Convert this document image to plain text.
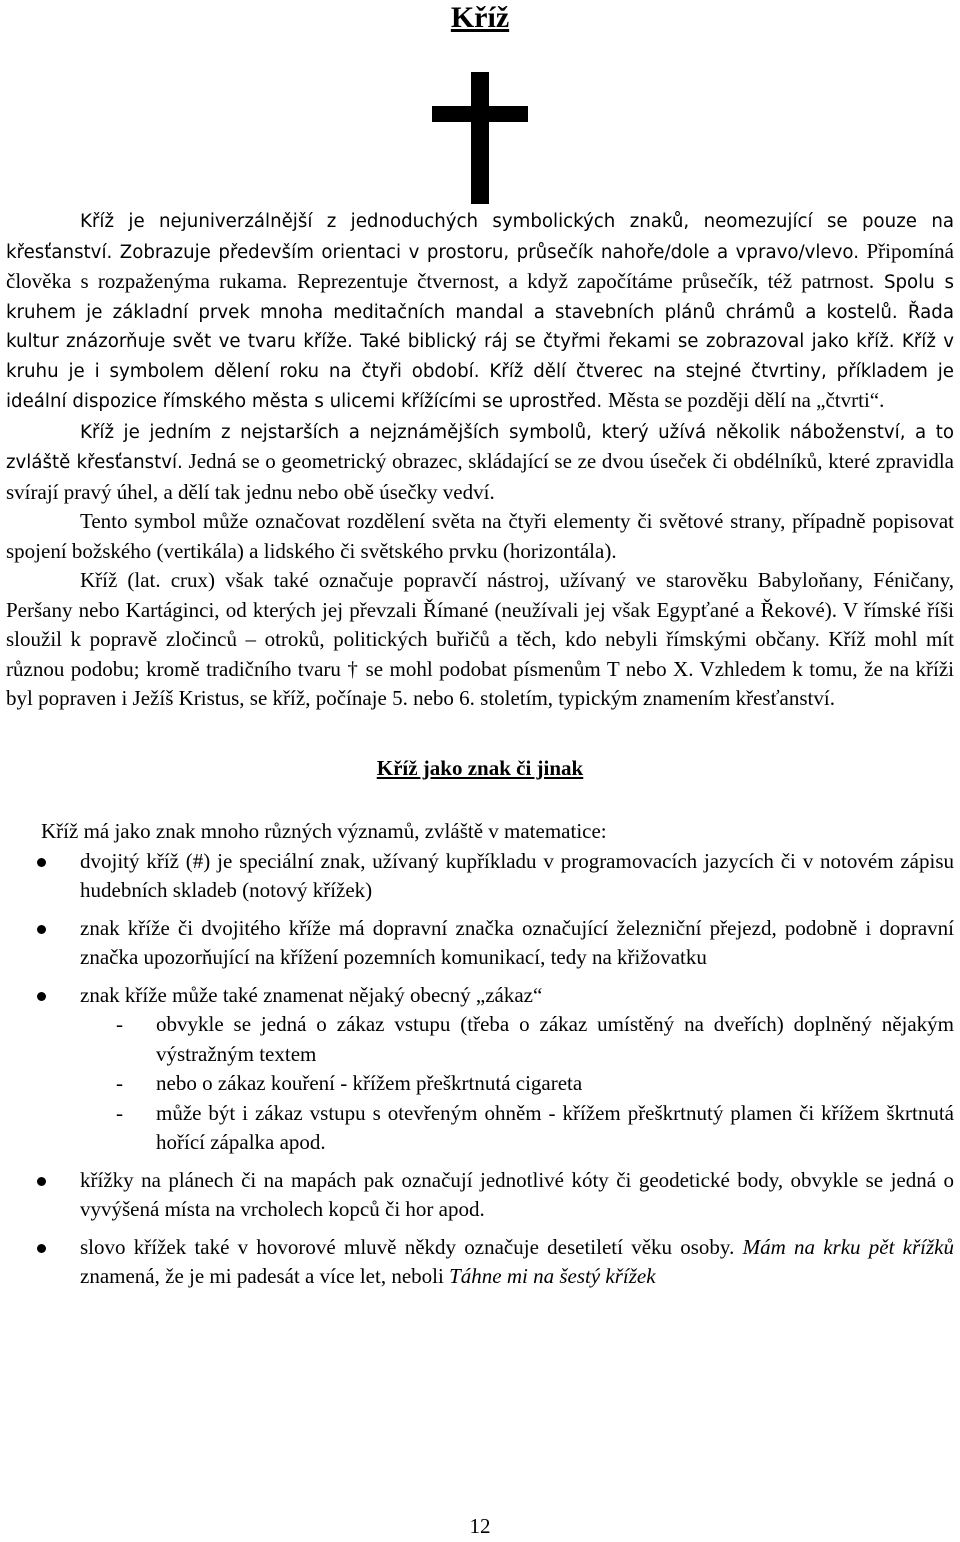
Kříž

Kříž je nejuniverzálnější z jednoduchých symbolických znaků, neomezující se pouze na křesťanství. Zobrazuje především orientaci v prostoru, průsečík nahoře/dole a vpravo/vlevo. Připomíná člověka s rozpaženýma rukama. Reprezentuje čtvernost, a když započítáme průsečík, též patrnost. Spolu s kruhem je základní prvek mnoha meditačních mandal a stavebních plánů chrámů a kostelů. Řada kultur znázorňuje svět ve tvaru kříže. Také biblický ráj se čtyřmi řekami se zobrazoval jako kříž. Kříž v kruhu je i symbolem dělení roku na čtyři období. Kříž dělí čtverec na stejné čtvrtiny, příkladem je ideální dispozice římského města s ulicemi křížícími se uprostřed. Města se později dělí na „čtvrti“.

Kříž je jedním z nejstarších a nejznámějších symbolů, který užívá několik náboženství, a to zvláště křesťanství. Jedná se o geometrický obrazec, skládající se ze dvou úseček či obdélníků, které zpravidla svírají pravý úhel, a dělí tak jednu nebo obě úsečky vedví.

Tento symbol může označovat rozdělení světa na čtyři elementy či světové strany, případně popisovat spojení božského (vertikála) a lidského či světského prvku (horizontála).

Kříž (lat. crux) však také označuje popravčí nástroj, užívaný ve starověku Babyloňany, Féničany, Peršany nebo Kartáginci, od kterých jej převzali Římané (neužívali jej však Egypťané a Řekové). V římské říši sloužil k popravě zločinců – otroků, politických buřičů a těch, kdo nebyli římskými občany. Kříž mohl mít různou podobu; kromě tradičního tvaru † se mohl podobat písmenům T nebo X. Vzhledem k tomu, že na kříži byl popraven i Ježíš Kristus, se kříž, počínaje 5. nebo 6. stoletím, typickým znamením křesťanství.

Kříž jako znak či jinak

Kříž má jako znak mnoho různých významů, zvláště v matematice:

dvojitý kříž (#) je speciální znak, užívaný kupříkladu v programovacích jazycích či v notovém zápisu hudebních skladeb (notový křížek)
znak kříže či dvojitého kříže má dopravní značka označující železniční přejezd, podobně i dopravní značka upozorňující na křížení pozemních komunikací, tedy na křižovatku
znak kříže může také znamenat nějaký obecný „zákaz“
- obvykle se jedná o zákaz vstupu (třeba o zákaz umístěný na dveřích) doplněný nějakým výstražným textem
- nebo o zákaz kouření - křížem přeškrtnutá cigareta
- může být i zákaz vstupu s otevřeným ohněm - křížem přeškrtnutý plamen či křížem škrtnutá hořící zápalka apod.
křížky na plánech či na mapách pak označují jednotlivé kóty či geodetické body, obvykle se jedná o vyvýšená místa na vrcholech kopců či hor apod.
slovo křížek také v hovorové mluvě někdy označuje desetiletí věku osoby. Mám na krku pět křížků znamená, že je mi padesát a více let, neboli Táhne mi na šestý křížek
12
